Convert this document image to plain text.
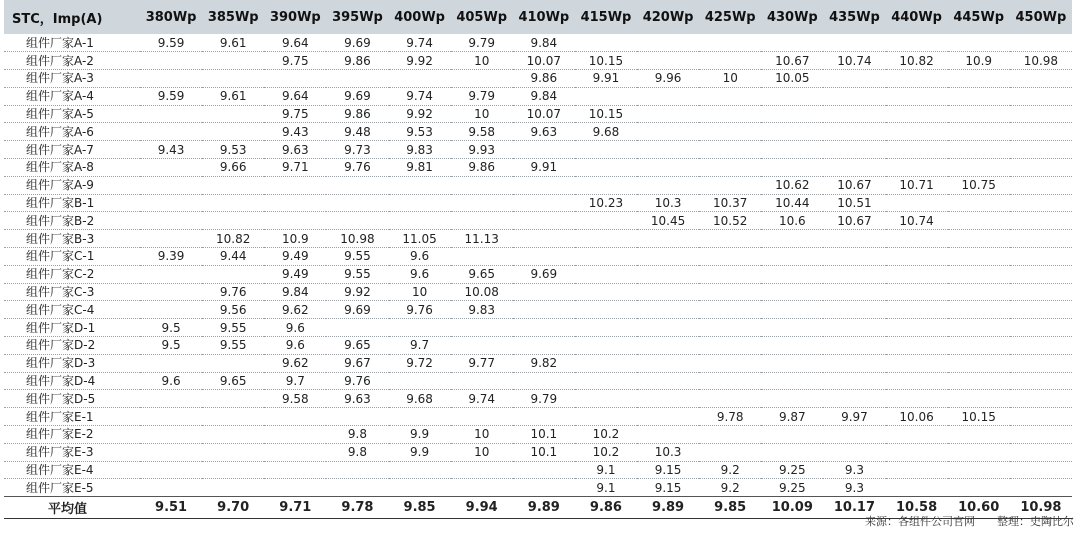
STC，Imp(A)	380Wp	385Wp	390Wp	395Wp	400Wp	405Wp	410Wp	415Wp	420Wp	425Wp	430Wp	435Wp	440Wp	445Wp	450Wp
组件厂家A-1	9.59	9.61	9.64	9.69	9.74	9.79	9.84								
组件厂家A-2			9.75	9.86	9.92	10	10.07	10.15			10.67	10.74	10.82	10.9	10.98
组件厂家A-3							9.86	9.91	9.96	10	10.05				
组件厂家A-4	9.59	9.61	9.64	9.69	9.74	9.79	9.84								
组件厂家A-5			9.75	9.86	9.92	10	10.07	10.15							
组件厂家A-6			9.43	9.48	9.53	9.58	9.63	9.68							
组件厂家A-7	9.43	9.53	9.63	9.73	9.83	9.93									
组件厂家A-8		9.66	9.71	9.76	9.81	9.86	9.91								
组件厂家A-9											10.62	10.67	10.71	10.75	
组件厂家B-1								10.23	10.3	10.37	10.44	10.51			
组件厂家B-2									10.45	10.52	10.6	10.67	10.74		
组件厂家B-3		10.82	10.9	10.98	11.05	11.13									
组件厂家C-1	9.39	9.44	9.49	9.55	9.6										
组件厂家C-2			9.49	9.55	9.6	9.65	9.69								
组件厂家C-3		9.76	9.84	9.92	10	10.08									
组件厂家C-4		9.56	9.62	9.69	9.76	9.83									
组件厂家D-1	9.5	9.55	9.6												
组件厂家D-2	9.5	9.55	9.6	9.65	9.7										
组件厂家D-3			9.62	9.67	9.72	9.77	9.82								
组件厂家D-4	9.6	9.65	9.7	9.76											
组件厂家D-5			9.58	9.63	9.68	9.74	9.79								
组件厂家E-1										9.78	9.87	9.97	10.06	10.15	
组件厂家E-2				9.8	9.9	10	10.1	10.2							
组件厂家E-3				9.8	9.9	10	10.1	10.2	10.3						
组件厂家E-4								9.1	9.15	9.2	9.25	9.3			
组件厂家E-5								9.1	9.15	9.2	9.25	9.3			
平均值	9.51	9.70	9.71	9.78	9.85	9.94	9.89	9.86	9.89	9.85	10.09	10.17	10.58	10.60	10.98
来源：各组件公司官网 整理：史陶比尔
